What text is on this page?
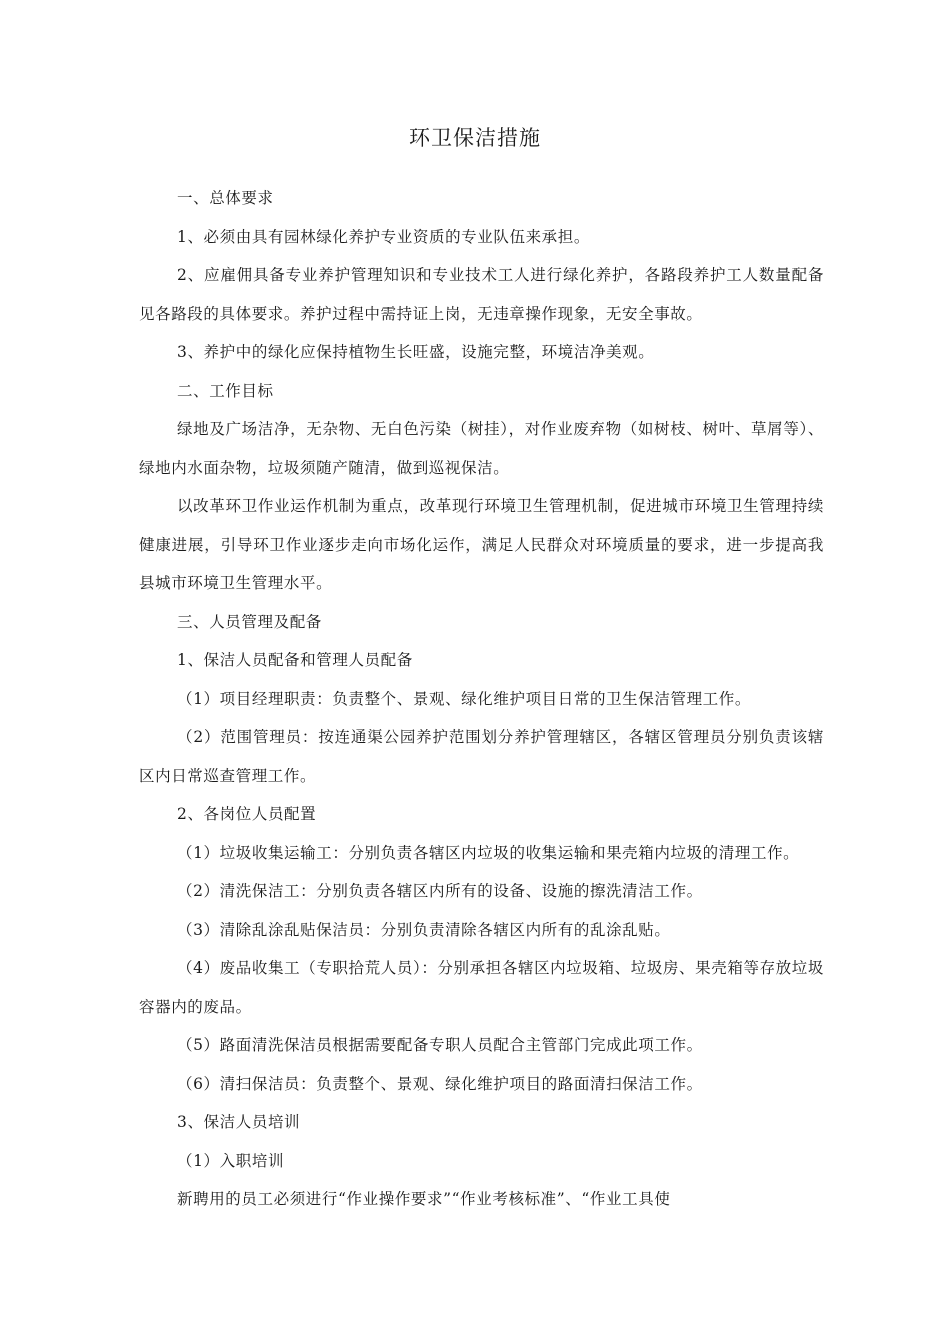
环卫保洁措施

一、总体要求

1、必须由具有园林绿化养护专业资质的专业队伍来承担。

2、应雇佣具备专业养护管理知识和专业技术工人进行绿化养护，各路段养护工人数量配备见各路段的具体要求。养护过程中需持证上岗，无违章操作现象，无安全事故。

3、养护中的绿化应保持植物生长旺盛，设施完整，环境洁净美观。

二、工作目标

绿地及广场洁净，无杂物、无白色污染（树挂），对作业废弃物（如树枝、树叶、草屑等）、绿地内水面杂物，垃圾须随产随清，做到巡视保洁。

以改革环卫作业运作机制为重点，改革现行环境卫生管理机制，促进城市环境卫生管理持续健康进展，引导环卫作业逐步走向市场化运作，满足人民群众对环境质量的要求，进一步提高我县城市环境卫生管理水平。

三、人员管理及配备

1、保洁人员配备和管理人员配备

（1）项目经理职责：负责整个、景观、绿化维护项目日常的卫生保洁管理工作。

（2）范围管理员：按连通渠公园养护范围划分养护管理辖区，各辖区管理员分别负责该辖区内日常巡查管理工作。

2、各岗位人员配置

（1）垃圾收集运输工：分别负责各辖区内垃圾的收集运输和果壳箱内垃圾的清理工作。

（2）清洗保洁工：分别负责各辖区内所有的设备、设施的擦洗清洁工作。

（3）清除乱涂乱贴保洁员：分别负责清除各辖区内所有的乱涂乱贴。

（4）废品收集工（专职拾荒人员）：分别承担各辖区内垃圾箱、垃圾房、果壳箱等存放垃圾容器内的废品。

（5）路面清洗保洁员根据需要配备专职人员配合主管部门完成此项工作。

（6）清扫保洁员：负责整个、景观、绿化维护项目的路面清扫保洁工作。

3、保洁人员培训

（1）入职培训

新聘用的员工必须进行“作业操作要求”“作业考核标准”、“作业工具使
